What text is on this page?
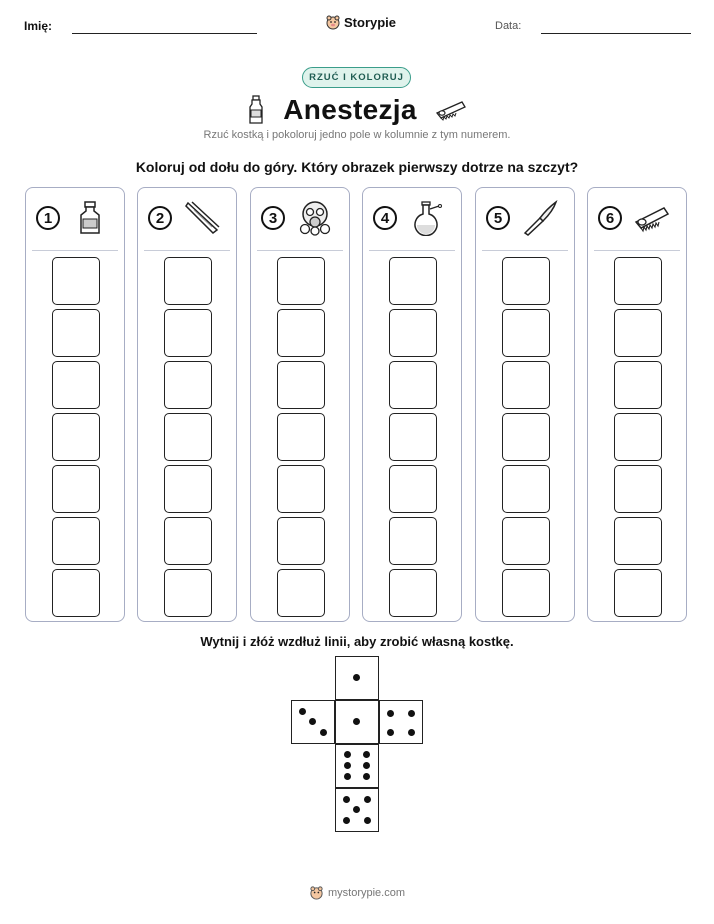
Imię:	Storypie	Data:
RZUĆ I KOLORUJ
Anestezja
Rzuć kostką i pokoloruj jedno pole w kolumnie z tym numerem.
Koloruj od dołu do góry. Który obrazek pierwszy dotrze na szczyt?
1	2	3	4	5	6
Wytnij i złóż wzdłuż linii, aby zrobić własną kostkę.
mystorypie.com
